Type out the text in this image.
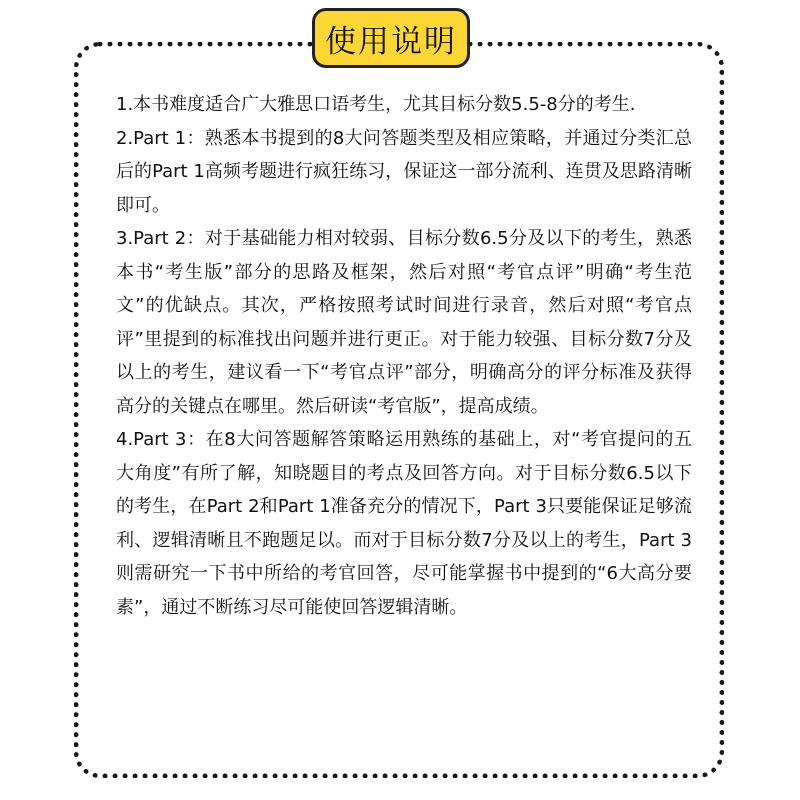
使用说明

1.本书难度适合广大雅思口语考生，尤其目标分数5.5-8分的考生.

2.Part 1：熟悉本书提到的8大问答题类型及相应策略，并通过分类汇总后的Part 1高频考题进行疯狂练习，保证这一部分流利、连贯及思路清晰即可。

3.Part 2：对于基础能力相对较弱、目标分数6.5分及以下的考生，熟悉本书“考生版”部分的思路及框架，然后对照“考官点评”明确“考生范文”的优缺点。其次，严格按照考试时间进行录音，然后对照“考官点评”里提到的标准找出问题并进行更正。对于能力较强、目标分数7分及以上的考生，建议看一下“考官点评”部分，明确高分的评分标准及获得高分的关键点在哪里。然后研读“考官版”，提高成绩。

4.Part 3：在8大问答题解答策略运用熟练的基础上，对“考官提问的五大角度”有所了解，知晓题目的考点及回答方向。对于目标分数6.5以下的考生，在Part 2和Part 1准备充分的情况下，Part 3只要能保证足够流利、逻辑清晰且不跑题足以。而对于目标分数7分及以上的考生，Part 3则需研究一下书中所给的考官回答，尽可能掌握书中提到的“6大高分要素”，通过不断练习尽可能使回答逻辑清晰。
